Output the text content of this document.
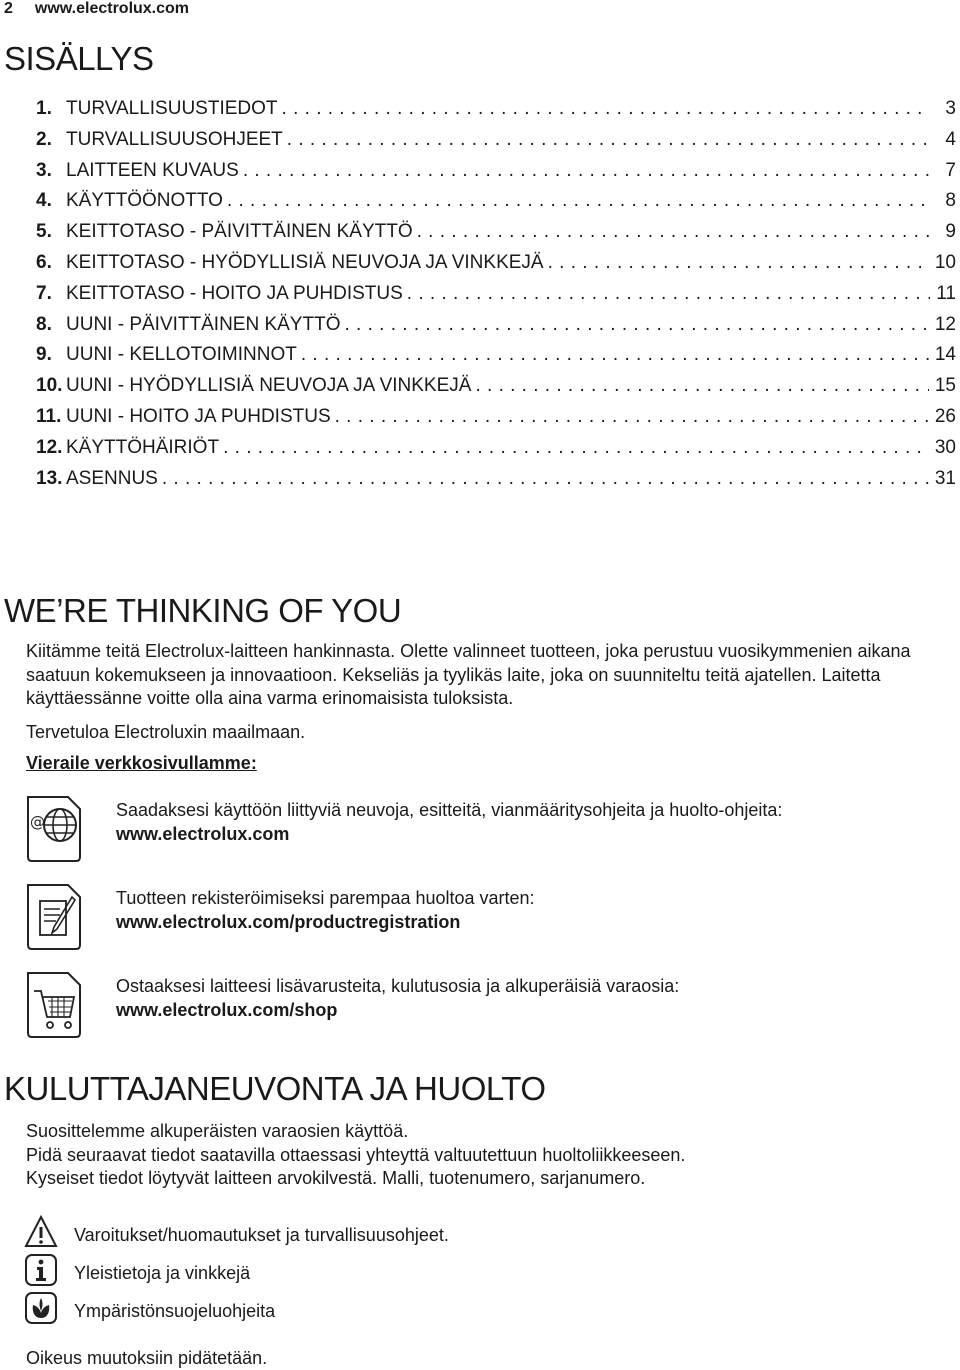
2 www.electrolux.com
SISÄLLYS
1. TURVALLISUUSTIEDOT . . .	3
2. TURVALLISUUSOHJEET . . .	4
3. LAITTEEN KUVAUS . . .	7
4. KÄYTTÖÖNOTTO . . .	8
5. KEITTOTASO - PÄIVITTÄINEN KÄYTTÖ . . .	9
6. KEITTOTASO - HYÖDYLLISIÄ NEUVOJA JA VINKKEJÄ . . .	10
7. KEITTOTASO - HOITO JA PUHDISTUS . . .	11
8. UUNI - PÄIVITTÄINEN KÄYTTÖ . . .	12
9. UUNI - KELLOTOIMINNOT . . .	14
10. UUNI - HYÖDYLLISIÄ NEUVOJA JA VINKKEJÄ . . .	15
11. UUNI - HOITO JA PUHDISTUS . . .	26
12. KÄYTTÖHÄIRIÖT . . .	30
13. ASENNUS . . .	31
WE’RE THINKING OF YOU

Kiitämme teitä Electrolux-laitteen hankinnasta. Olette valinneet tuotteen, joka perustuu vuosikymmenien aikana saatuun kokemukseen ja innovaatioon. Kekseliäs ja tyylikäs laite, joka on suunniteltu teitä ajatellen. Laitetta käyttäessänne voitte olla aina varma erinomaisista tuloksista.

Tervetuloa Electroluxin maailmaan.

Vieraile verkkosivullamme:

@
Saadaksesi käyttöön liittyviä neuvoja, esitteitä, vianmääritysohjeita ja huolto-ohjeita:
www.electrolux.com
Tuotteen rekisteröimiseksi parempaa huoltoa varten:
www.electrolux.com/productregistration
Ostaaksesi laitteesi lisävarusteita, kulutusosia ja alkuperäisiä varaosia:
www.electrolux.com/shop
KULUTTAJANEUVONTA JA HUOLTO

Suosittelemme alkuperäisten varaosien käyttöä.

Pidä seuraavat tiedot saatavilla ottaessasi yhteyttä valtuutettuun huoltoliikkeeseen.

Kyseiset tiedot löytyvät laitteen arvokilvestä. Malli, tuotenumero, sarjanumero.

Varoitukset/huomautukset ja turvallisuusohjeet.
Yleistietoja ja vinkkejä
Ympäristönsuojeluohjeita
Oikeus muutoksiin pidätetään.
